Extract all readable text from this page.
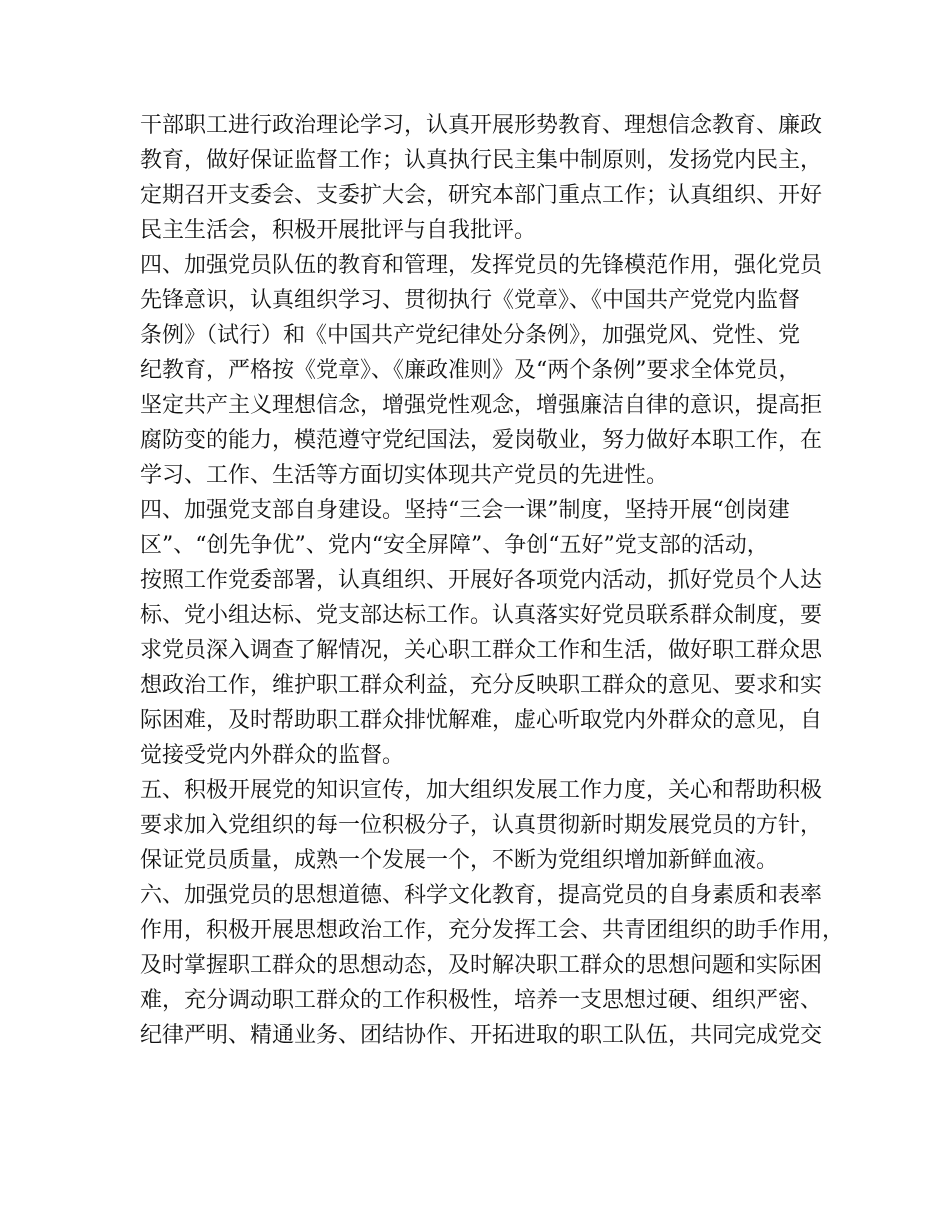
干部职工进行政治理论学习，认真开展形势教育、理想信念教育、廉政
教育，做好保证监督工作；认真执行民主集中制原则，发扬党内民主，
定期召开支委会、支委扩大会，研究本部门重点工作；认真组织、开好
民主生活会，积极开展批评与自我批评。

四、加强党员队伍的教育和管理，发挥党员的先锋模范作用，强化党员
先锋意识，认真组织学习、贯彻执行《党章》、《中国共产党党内监督
条例》（试行）和《中国共产党纪律处分条例》，加强党风、党性、党
纪教育，严格按《党章》、《廉政准则》及“两个条例”要求全体党员，
坚定共产主义理想信念，增强党性观念，增强廉洁自律的意识，提高拒
腐防变的能力，模范遵守党纪国法，爱岗敬业，努力做好本职工作，在
学习、工作、生活等方面切实体现共产党员的先进性。

四、加强党支部自身建设。坚持“三会一课”制度，坚持开展“创岗建
区”、“创先争优”、党内“安全屏障”、争创“五好”党支部的活动，
按照工作党委部署，认真组织、开展好各项党内活动，抓好党员个人达
标、党小组达标、党支部达标工作。认真落实好党员联系群众制度，要
求党员深入调查了解情况，关心职工群众工作和生活，做好职工群众思
想政治工作，维护职工群众利益，充分反映职工群众的意见、要求和实
际困难，及时帮助职工群众排忧解难，虚心听取党内外群众的意见，自
觉接受党内外群众的监督。

五、积极开展党的知识宣传，加大组织发展工作力度，关心和帮助积极
要求加入党组织的每一位积极分子，认真贯彻新时期发展党员的方针，
保证党员质量，成熟一个发展一个，不断为党组织增加新鲜血液。

六、加强党员的思想道德、科学文化教育，提高党员的自身素质和表率
作用，积极开展思想政治工作，充分发挥工会、共青团组织的助手作用，
及时掌握职工群众的思想动态，及时解决职工群众的思想问题和实际困
难，充分调动职工群众的工作积极性，培养一支思想过硬、组织严密、
纪律严明、精通业务、团结协作、开拓进取的职工队伍，共同完成党交
